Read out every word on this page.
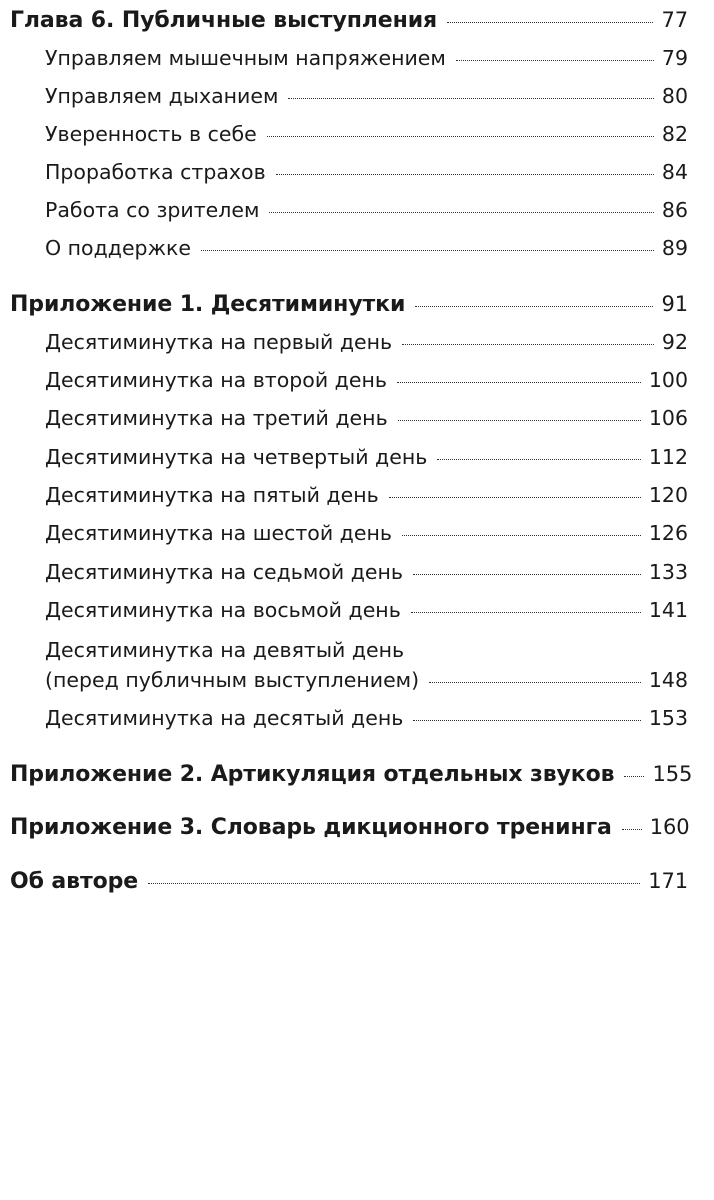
Глава 6. Публичные выступления	77
Управляем мышечным напряжением	79
Управляем дыханием	80
Уверенность в себе	82
Проработка страхов	84
Работа со зрителем	86
О поддержке	89
Приложение 1. Десятиминутки	91
Десятиминутка на первый день	92
Десятиминутка на второй день	100
Десятиминутка на третий день	106
Десятиминутка на четвертый день	112
Десятиминутка на пятый день	120
Десятиминутка на шестой день	126
Десятиминутка на седьмой день	133
Десятиминутка на восьмой день	141
Десятиминутка на девятый день
(перед публичным выступлением)	148
Десятиминутка на десятый день	153
Приложение 2. Артикуляция отдельных звуков 155
Приложение 3. Словарь дикционного тренинга 160
Об авторе	171
